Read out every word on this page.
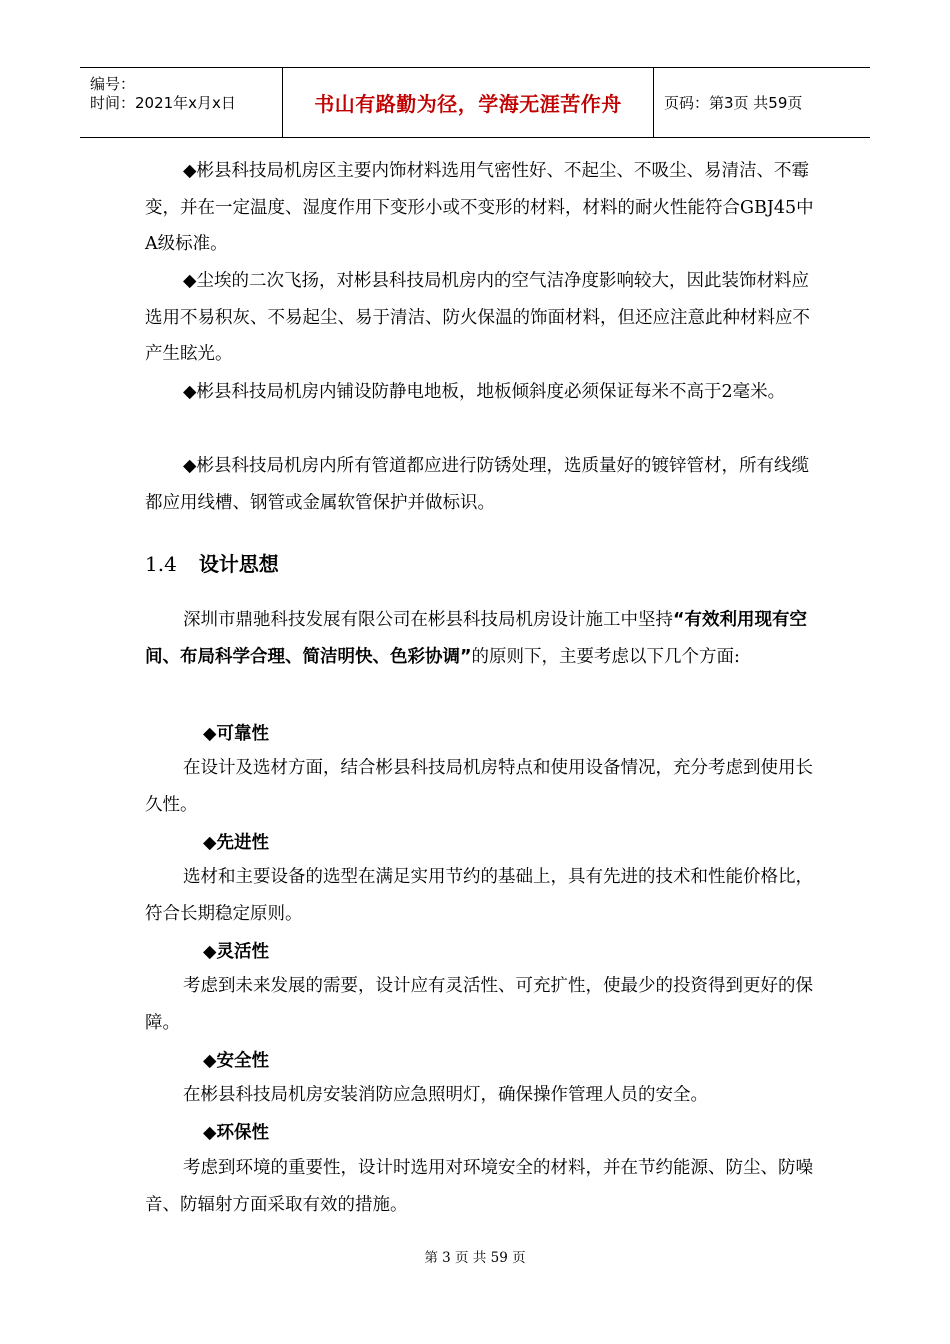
编号：
时间：2021年x月x日	书山有路勤为径，学海无涯苦作舟	页码：第3页 共59页

◆彬县科技局机房区主要内饰材料选用气密性好、不起尘、不吸尘、易清洁、不霉变，并在一定温度、湿度作用下变形小或不变形的材料，材料的耐火性能符合GBJ45中A级标准。

◆尘埃的二次飞扬，对彬县科技局机房内的空气洁净度影响较大，因此装饰材料应选用不易积灰、不易起尘、易于清洁、防火保温的饰面材料，但还应注意此种材料应不产生眩光。

◆彬县科技局机房内铺设防静电地板，地板倾斜度必须保证每米不高于2毫米。

◆彬县科技局机房内所有管道都应进行防锈处理，选质量好的镀锌管材，所有线缆都应用线槽、钢管或金属软管保护并做标识。

1.4 设计思想

深圳市鼎驰科技发展有限公司在彬县科技局机房设计施工中坚持“有效利用现有空间、布局科学合理、简洁明快、色彩协调”的原则下，主要考虑以下几个方面:

◆可靠性

在设计及选材方面，结合彬县科技局机房特点和使用设备情况，充分考虑到使用长久性。

◆先进性

选材和主要设备的选型在满足实用节约的基础上，具有先进的技术和性能价格比，符合长期稳定原则。

◆灵活性

考虑到未来发展的需要，设计应有灵活性、可充扩性，使最少的投资得到更好的保障。

◆安全性

在彬县科技局机房安装消防应急照明灯，确保操作管理人员的安全。

◆环保性

考虑到环境的重要性，设计时选用对环境安全的材料，并在节约能源、防尘、防噪音、防辐射方面采取有效的措施。

第 3 页 共 59 页
